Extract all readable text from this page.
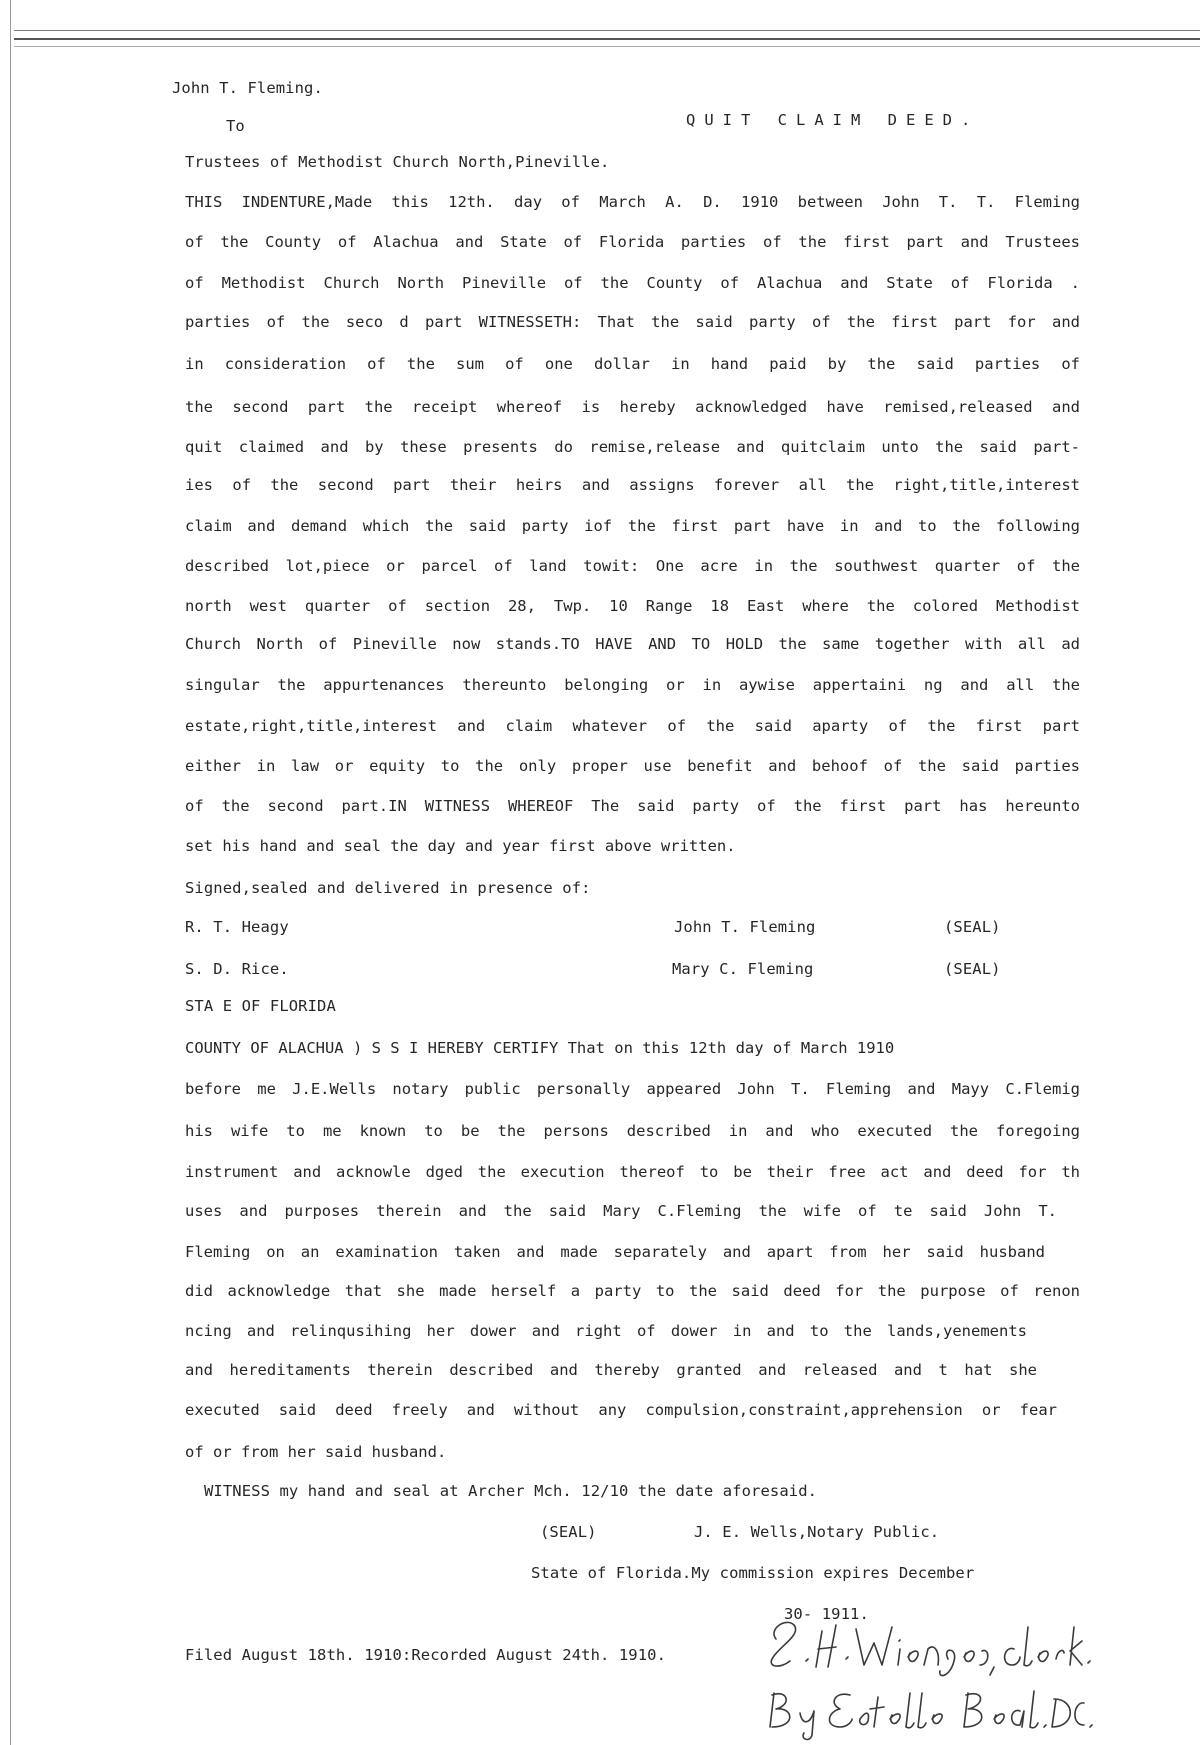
John T. Fleming.
To	QUIT CLAIM DEED.
Trustees of Methodist Church North,Pineville.
THIS INDENTURE,Made this 12th. day of March A. D. 1910 between John T. T. Fleming
of the County of Alachua and State of Florida parties of the first part and Trustees
of Methodist Church North Pineville of the County of Alachua and State of Florida .
parties of the seco d part WITNESSETH: That the said party of the first part for and
in consideration of the sum of one dollar in hand paid by the said parties of
the second part the receipt whereof is hereby acknowledged have remised,released and
quit claimed and by these presents do remise,release and quitclaim unto the said part-
ies of the second part their heirs and assigns forever all the right,title,interest
claim and demand which the said party iof the first part have in and to the following
described lot,piece or parcel of land towit: One acre in the southwest quarter of the
north west quarter of section 28, Twp. 10 Range 18 East where the colored Methodist
Church North of Pineville now stands.TO HAVE AND TO HOLD the same together with all ad
singular the appurtenances thereunto belonging or in aywise appertaini ng and all the
estate,right,title,interest and claim whatever of the said aparty of the first part
either in law or equity to the only proper use benefit and behoof of the said parties
of the second part.IN WITNESS WHEREOF The said party of the first part has hereunto
set his hand and seal the day and year first above written.
Signed,sealed and delivered in presence of:
R. T. Heagy	John T. Fleming	(SEAL)
S. D. Rice.	Mary C. Fleming	(SEAL)
STA E OF FLORIDA
COUNTY OF ALACHUA ) S S I HEREBY CERTIFY That on this 12th day of March 1910
before me J.E.Wells notary public personally appeared John T. Fleming and Mayy C.Flemig
his wife to me known to be the persons described in and who executed the foregoing
instrument and acknowle dged the execution thereof to be their free act and deed for th
uses and purposes therein and the said Mary C.Fleming the wife of te said John T.
Fleming on an examination taken and made separately and apart from her said husband
did acknowledge that she made herself a party to the said deed for the purpose of renon
ncing and relinqusihing her dower and right of dower in and to the lands,yenements
and hereditaments therein described and thereby granted and released and t hat she
executed said deed freely and without any compulsion,constraint,apprehension or fear
of or from her said husband.
WITNESS my hand and seal at Archer Mch. 12/10 the date aforesaid.
(SEAL)	J. E. Wells,Notary Public.
State of Florida.My commission expires December
30- 1911.
Filed August 18th. 1910:Recorded August 24th. 1910.
S. H. Wienges, Clerk.
By Estelle Beal. D. C.
